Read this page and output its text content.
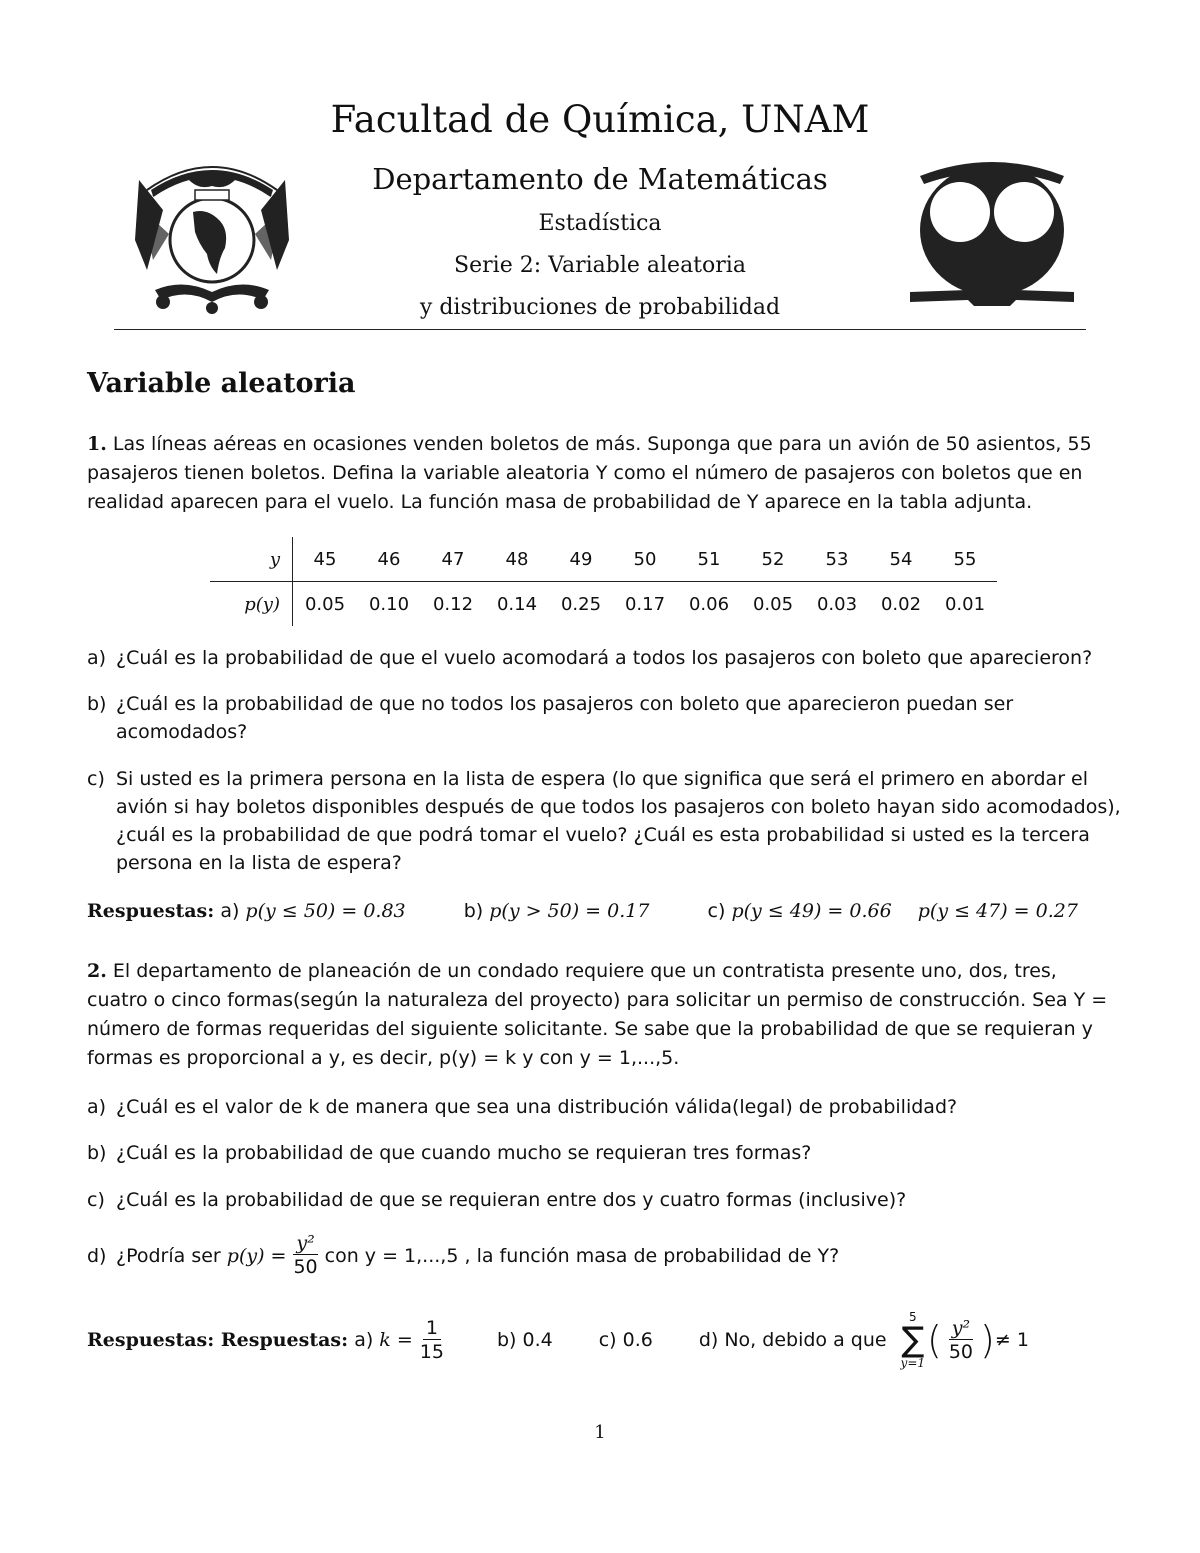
Facultad de Química, UNAM
Departamento de Matemáticas
Estadística
Serie 2: Variable aleatoria
y distribuciones de probabilidad
Variable aleatoria
1. Las líneas aéreas en ocasiones venden boletos de más. Suponga que para un avión de 50 asientos, 55 pasajeros tienen boletos. Defina la variable aleatoria Y como el número de pasajeros con boletos que en realidad aparecen para el vuelo. La función masa de probabilidad de Y aparece en la tabla adjunta.
y	45	46	47	48	49	50	51	52	53	54	55
p(y)	0.05	0.10	0.12	0.14	0.25	0.17	0.06	0.05	0.03	0.02	0.01
a) ¿Cuál es la probabilidad de que el vuelo acomodará a todos los pasajeros con boleto que aparecieron?
b) ¿Cuál es la probabilidad de que no todos los pasajeros con boleto que aparecieron puedan ser acomodados?
c) Si usted es la primera persona en la lista de espera (lo que significa que será el primero en abordar el avión si hay boletos disponibles después de que todos los pasajeros con boleto hayan sido acomodados), ¿cuál es la probabilidad de que podrá tomar el vuelo? ¿Cuál es esta probabilidad si usted es la tercera persona en la lista de espera?
Respuestas: a) p(y ≤ 50) = 0.83	b) p(y > 50) = 0.17	c) p(y ≤ 49) = 0.66 p(y ≤ 47) = 0.27
2. El departamento de planeación de un condado requiere que un contratista presente uno, dos, tres, cuatro o cinco formas(según la naturaleza del proyecto) para solicitar un permiso de construcción. Sea Y = número de formas requeridas del siguiente solicitante. Se sabe que la probabilidad de que se requieran y formas es proporcional a y, es decir, p(y) = k y con y = 1,...,5.
a) ¿Cuál es el valor de k de manera que sea una distribución válida(legal) de probabilidad?
b) ¿Cuál es la probabilidad de que cuando mucho se requieran tres formas?
c) ¿Cuál es la probabilidad de que se requieran entre dos y cuatro formas (inclusive)?
d) ¿Podría ser
$p(y) = \frac{\text{y²}}{50}$ con y = 1,...,5
, la función masa de probabilidad de Y?
Respuestas: Respuestas:
a)
$k = \frac{1}{15}$	b) 0.4 c) 0.6 d) No, debido a que
5
∑
y=1
( $\frac{\text{y²}}{50}$ ) ≠ 1
1
